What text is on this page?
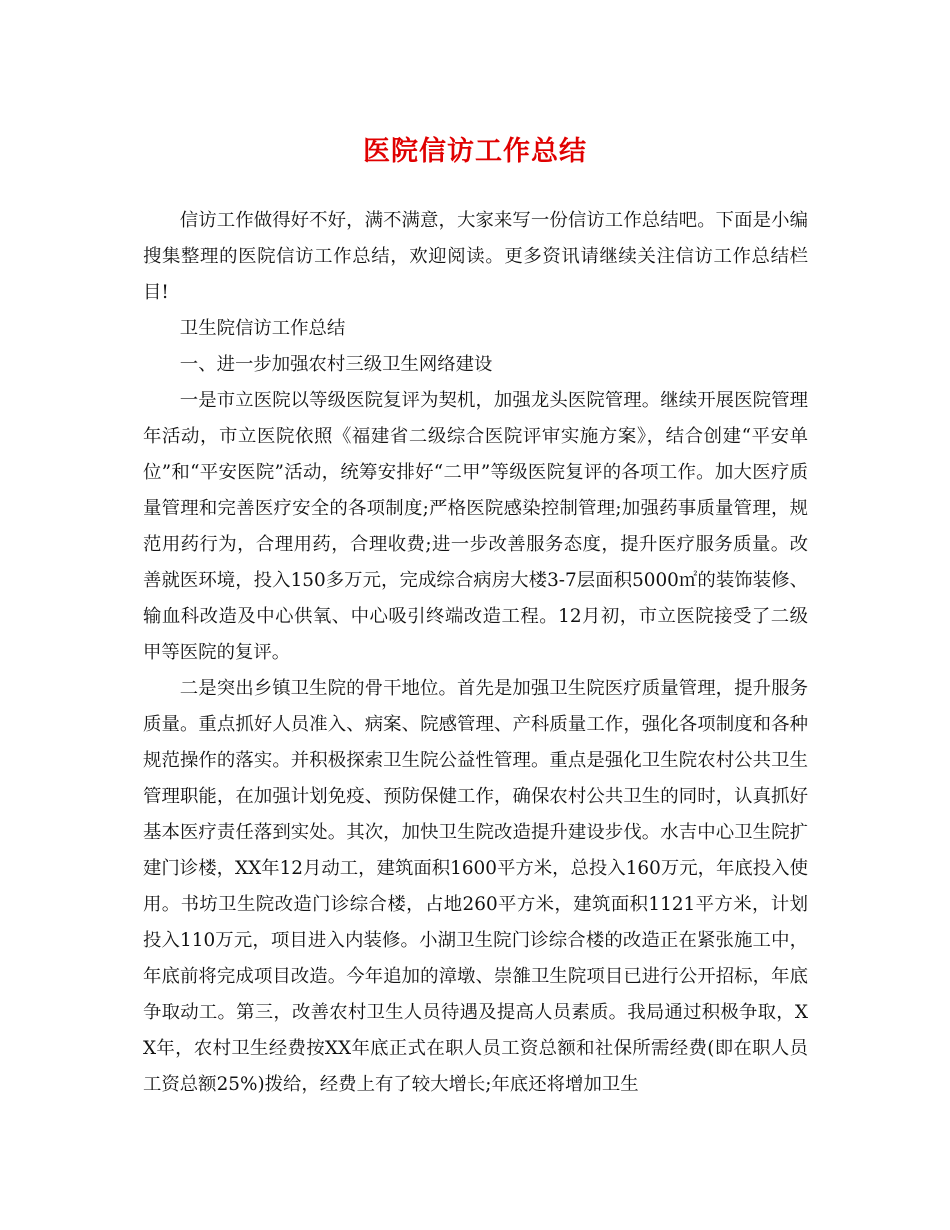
医院信访工作总结

信访工作做得好不好，满不满意，大家来写一份信访工作总结吧。下面是小编搜集整理的医院信访工作总结，欢迎阅读。更多资讯请继续关注信访工作总结栏目!

卫生院信访工作总结

一、进一步加强农村三级卫生网络建设

一是市立医院以等级医院复评为契机，加强龙头医院管理。继续开展医院管理年活动，市立医院依照《福建省二级综合医院评审实施方案》，结合创建“平安单位”和“平安医院”活动，统筹安排好“二甲”等级医院复评的各项工作。加大医疗质量管理和完善医疗安全的各项制度;严格医院感染控制管理;加强药事质量管理，规范用药行为，合理用药，合理收费;进一步改善服务态度，提升医疗服务质量。改善就医环境，投入150多万元，完成综合病房大楼3-7层面积5000㎡的装饰装修、输血科改造及中心供氧、中心吸引终端改造工程。12月初，市立医院接受了二级甲等医院的复评。

二是突出乡镇卫生院的骨干地位。首先是加强卫生院医疗质量管理，提升服务质量。重点抓好人员准入、病案、院感管理、产科质量工作，强化各项制度和各种规范操作的落实。并积极探索卫生院公益性管理。重点是强化卫生院农村公共卫生管理职能，在加强计划免疫、预防保健工作，确保农村公共卫生的同时，认真抓好基本医疗责任落到实处。其次，加快卫生院改造提升建设步伐。水吉中心卫生院扩建门诊楼，XX年12月动工，建筑面积1600平方米，总投入160万元，年底投入使用。书坊卫生院改造门诊综合楼，占地260平方米，建筑面积1121平方米，计划投入110万元，项目进入内装修。小湖卫生院门诊综合楼的改造正在紧张施工中，年底前将完成项目改造。今年追加的漳墩、崇雒卫生院项目已进行公开招标，年底争取动工。第三，改善农村卫生人员待遇及提高人员素质。我局通过积极争取，XX年，农村卫生经费按XX年底正式在职人员工资总额和社保所需经费(即在职人员工资总额25%)拨给，经费上有了较大增长;年底还将增加卫生
